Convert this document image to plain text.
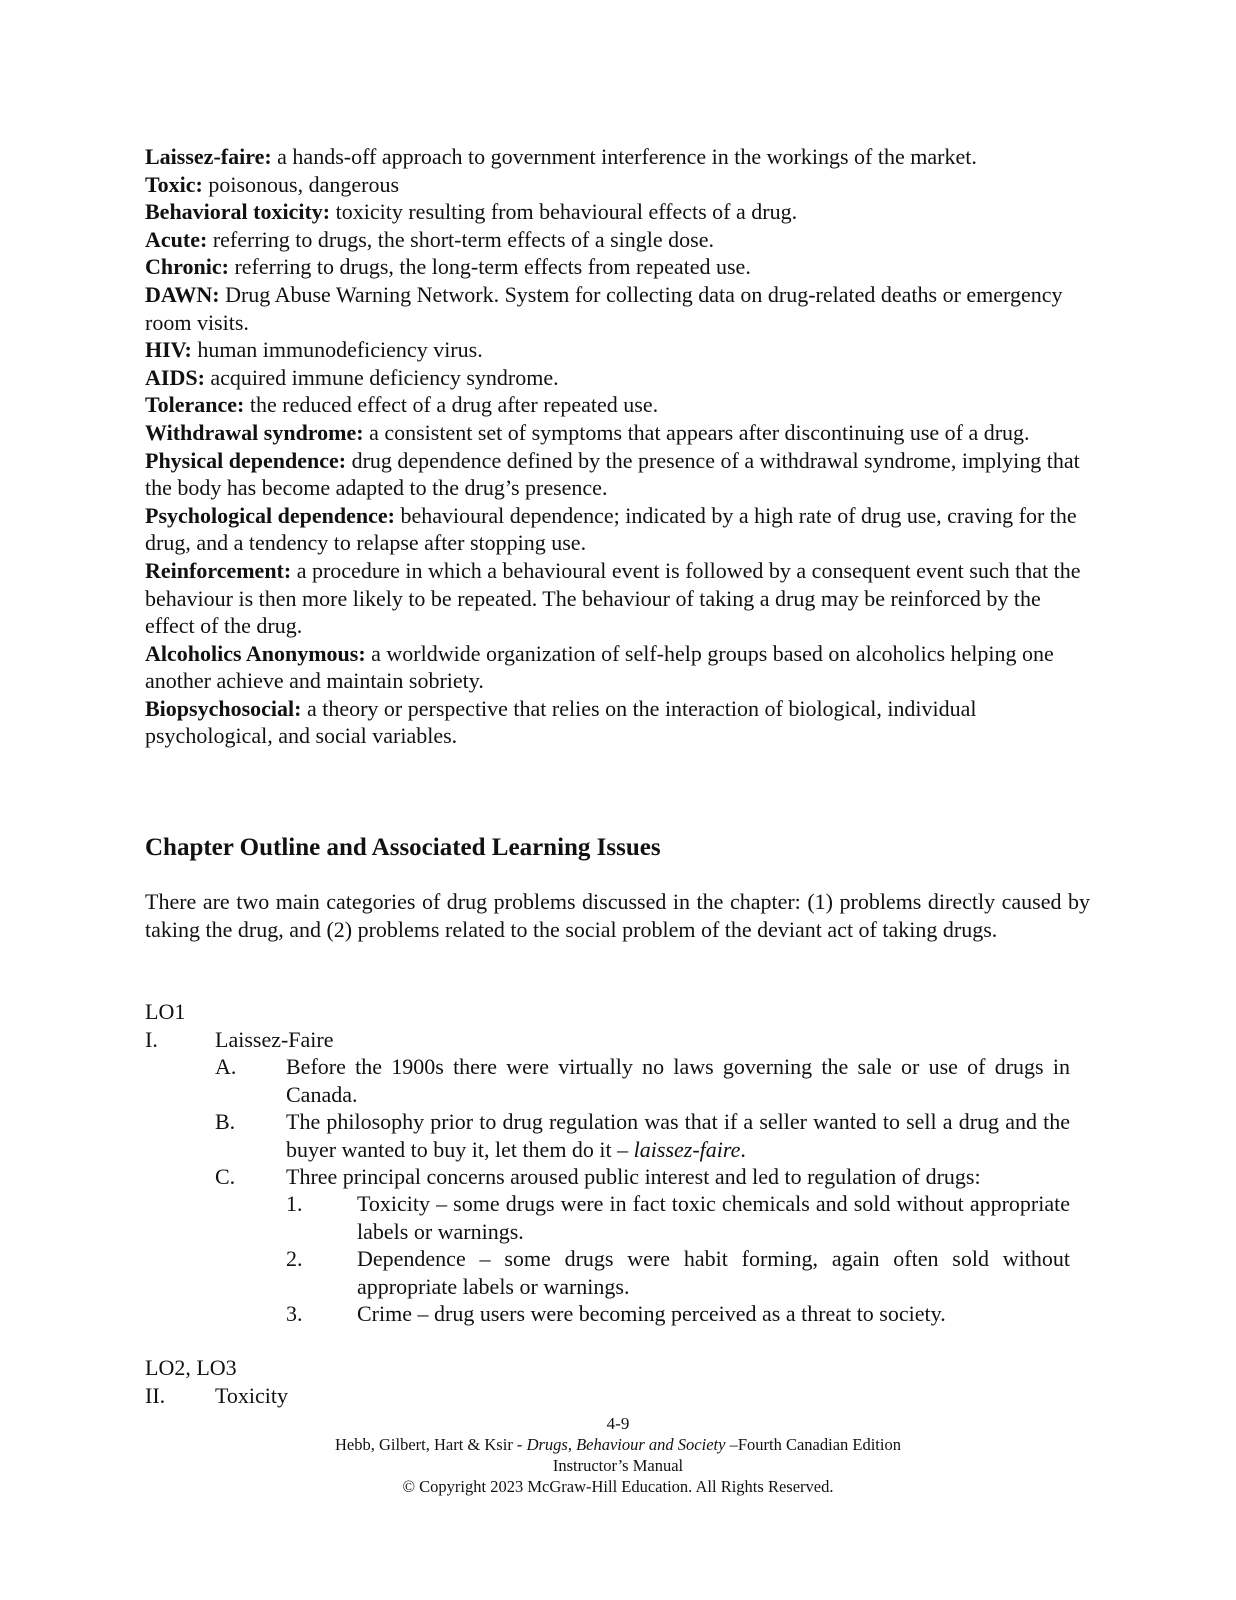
Laissez-faire: a hands-off approach to government interference in the workings of the market.

Toxic: poisonous, dangerous

Behavioral toxicity: toxicity resulting from behavioural effects of a drug.

Acute: referring to drugs, the short-term effects of a single dose.

Chronic: referring to drugs, the long-term effects from repeated use.

DAWN: Drug Abuse Warning Network. System for collecting data on drug-related deaths or emergency room visits.

HIV: human immunodeficiency virus.

AIDS: acquired immune deficiency syndrome.

Tolerance: the reduced effect of a drug after repeated use.

Withdrawal syndrome: a consistent set of symptoms that appears after discontinuing use of a drug.

Physical dependence: drug dependence defined by the presence of a withdrawal syndrome, implying that the body has become adapted to the drug’s presence.

Psychological dependence: behavioural dependence; indicated by a high rate of drug use, craving for the drug, and a tendency to relapse after stopping use.

Reinforcement: a procedure in which a behavioural event is followed by a consequent event such that the behaviour is then more likely to be repeated. The behaviour of taking a drug may be reinforced by the effect of the drug.

Alcoholics Anonymous: a worldwide organization of self-help groups based on alcoholics helping one another achieve and maintain sobriety.

Biopsychosocial: a theory or perspective that relies on the interaction of biological, individual psychological, and social variables.

Chapter Outline and Associated Learning Issues

There are two main categories of drug problems discussed in the chapter: (1) problems directly caused by taking the drug, and (2) problems related to the social problem of the deviant act of taking drugs.

LO1

I.	Laissez-Faire
A. Before the 1900s there were virtually no laws governing the sale or use of drugs in Canada.
B. The philosophy prior to drug regulation was that if a seller wanted to sell a drug and the buyer wanted to buy it, let them do it – laissez-faire.
C. Three principal concerns aroused public interest and led to regulation of drugs:
1. Toxicity – some drugs were in fact toxic chemicals and sold without appropriate labels or warnings.
2. Dependence – some drugs were habit forming, again often sold without appropriate labels or warnings.
3. Crime – drug users were becoming perceived as a threat to society.

LO2, LO3

II. Toxicity
4-9
Hebb, Gilbert, Hart & Ksir - Drugs, Behaviour and Society –Fourth Canadian Edition
Instructor’s Manual
© Copyright 2023 McGraw-Hill Education. All Rights Reserved.
